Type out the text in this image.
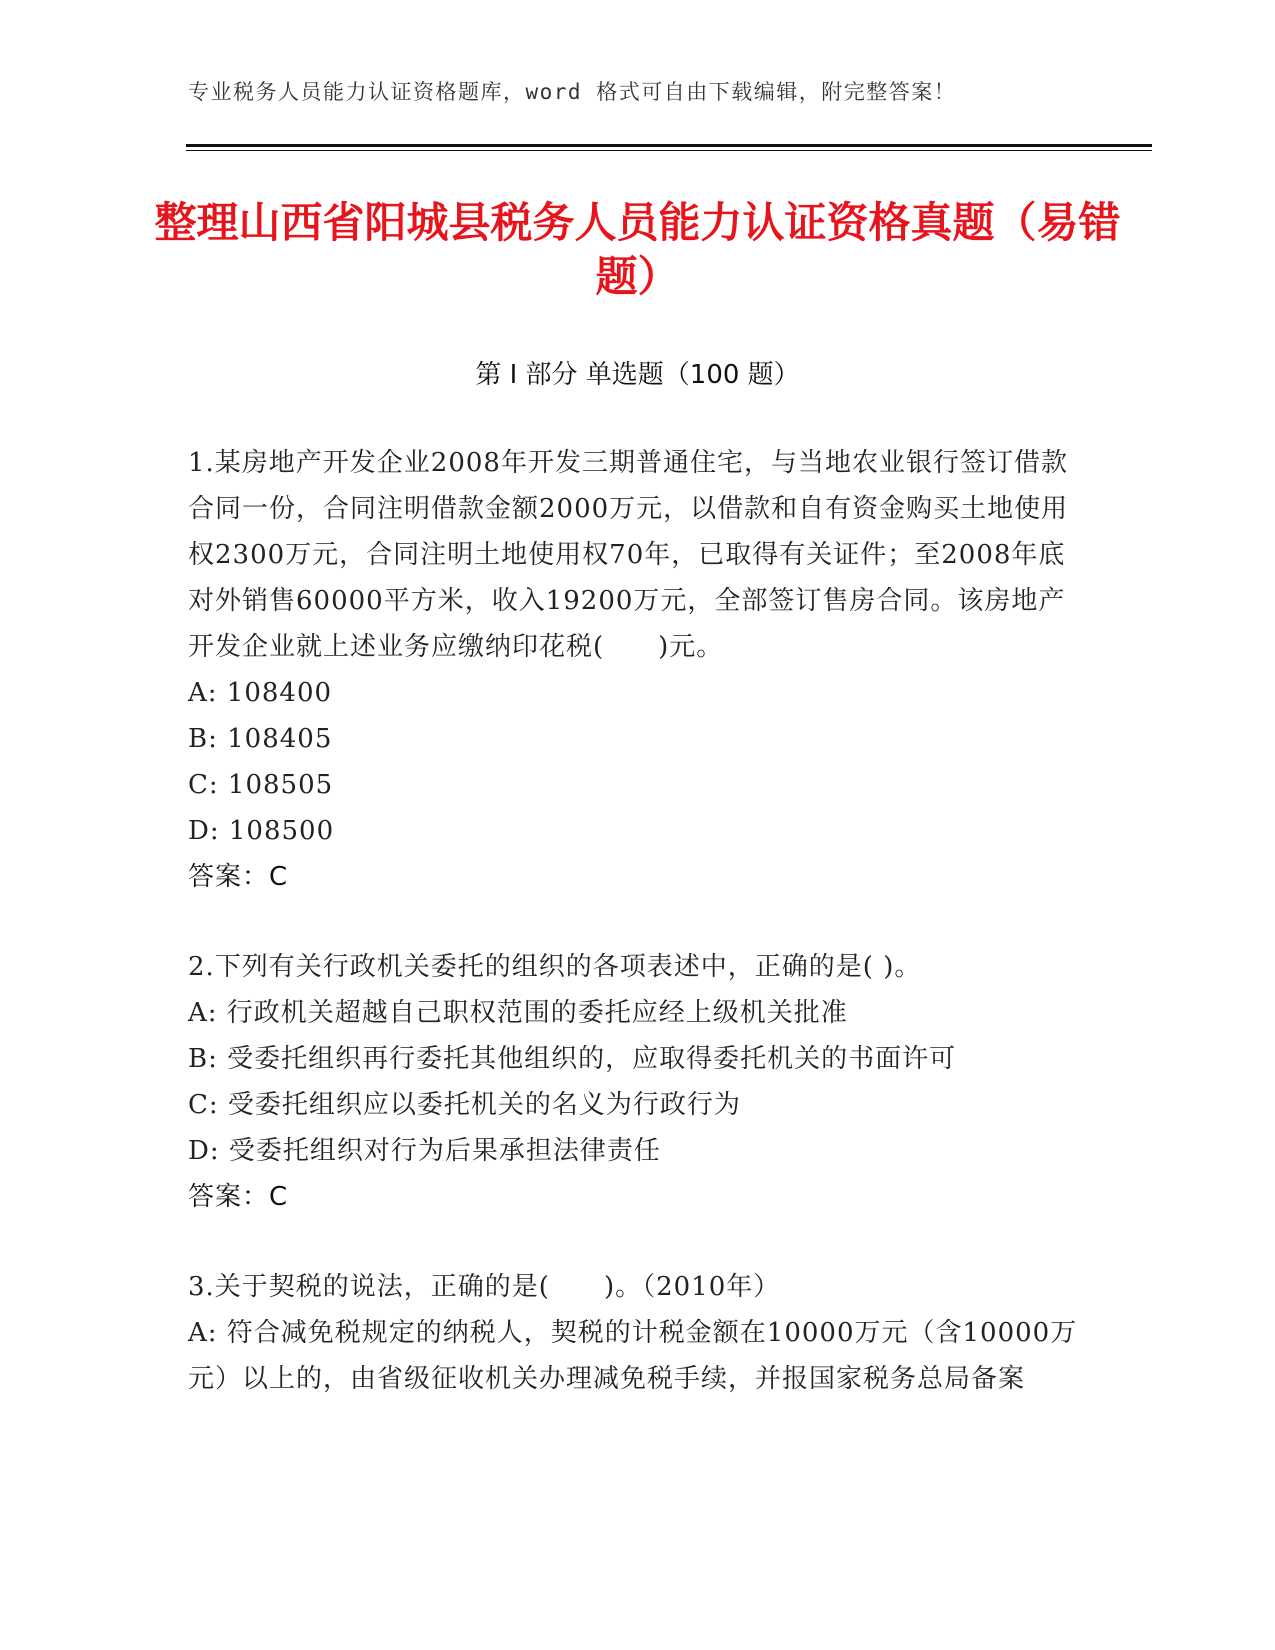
专业税务人员能力认证资格题库，word 格式可自由下载编辑，附完整答案！
整理山西省阳城县税务人员能力认证资格真题（易错题）
第 I 部分 单选题（100 题）

1.某房地产开发企业2008年开发三期普通住宅，与当地农业银行签订借款合同一份，合同注明借款金额2000万元，以借款和自有资金购买土地使用权2300万元，合同注明土地使用权70年，已取得有关证件；至2008年底对外销售60000平方米，收入19200万元，全部签订售房合同。该房地产开发企业就上述业务应缴纳印花税(　　)元。

A: 108400

B: 108405

C: 108505

D: 108500

答案：C

2.下列有关行政机关委托的组织的各项表述中，正确的是( )。

A: 行政机关超越自己职权范围的委托应经上级机关批准

B: 受委托组织再行委托其他组织的，应取得委托机关的书面许可

C: 受委托组织应以委托机关的名义为行政行为

D: 受委托组织对行为后果承担法律责任

答案：C

3.关于契税的说法，正确的是(　　)。（2010年）

A: 符合减免税规定的纳税人，契税的计税金额在10000万元（含10000万元）以上的，由省级征收机关办理减免税手续，并报国家税务总局备案
